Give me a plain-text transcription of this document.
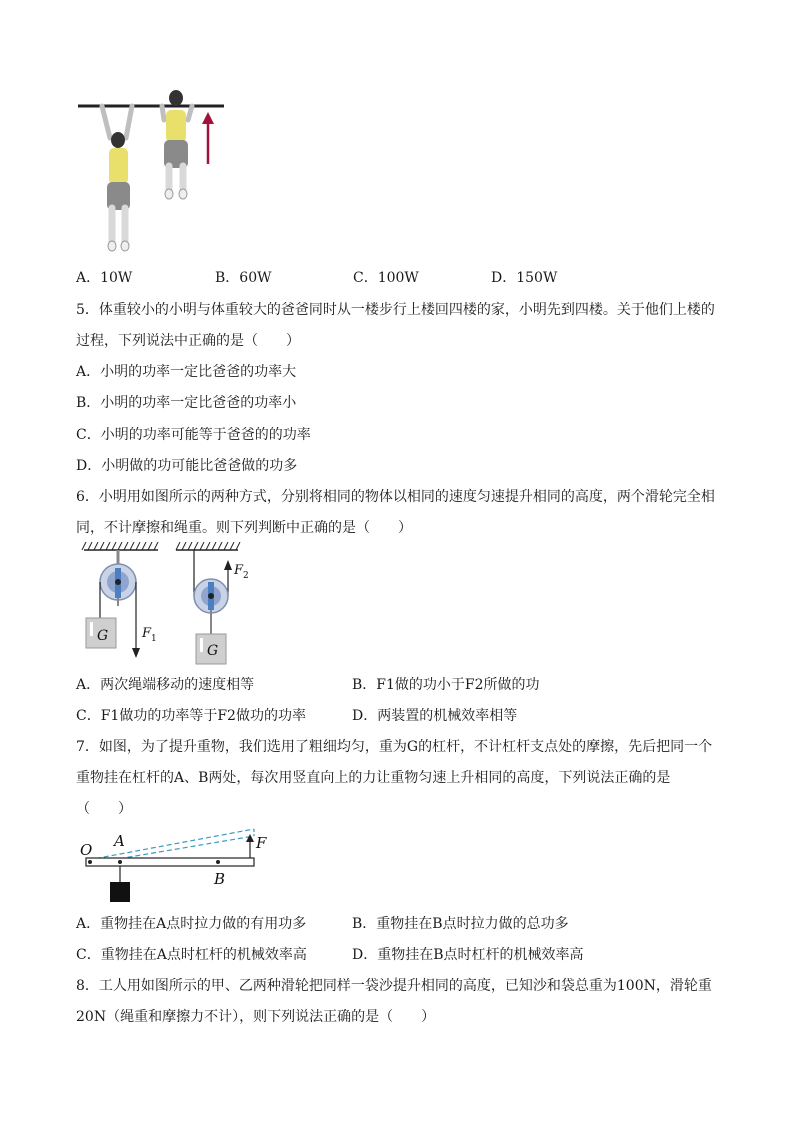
A．10W	B．60W	C．100W	D．150W
5．体重较小的小明与体重较大的爸爸同时从一楼步行上楼回四楼的家，小明先到四楼。关于他们上楼的
过程，下列说法中正确的是（　　）
A．小明的功率一定比爸爸的功率大
B．小明的功率一定比爸爸的功率小
C．小明的功率可能等于爸爸的的功率
D．小明做的功可能比爸爸做的功多
6．小明用如图所示的两种方式，分别将相同的物体以相同的速度匀速提升相同的高度，两个滑轮完全相
同，不计摩擦和绳重。则下列判断中正确的是（　　）
G	F 1
F 2
G
A．两次绳端移动的速度相等	B．F1做的功小于F2所做的功
C．F1做功的功率等于F2做功的功率	D．两装置的机械效率相等
7．如图，为了提升重物，我们选用了粗细均匀，重为G的杠杆，不计杠杆支点处的摩擦，先后把同一个
重物挂在杠杆的A、B两处，每次用竖直向上的力让重物匀速上升相同的高度，下列说法正确的是
（　　）
O A
B
F
A．重物挂在A点时拉力做的有用功多	B．重物挂在B点时拉力做的总功多
C．重物挂在A点时杠杆的机械效率高	D．重物挂在B点时杠杆的机械效率高
8．工人用如图所示的甲、乙两种滑轮把同样一袋沙提升相同的高度，已知沙和袋总重为100N，滑轮重
20N（绳重和摩擦力不计），则下列说法正确的是（　　）
